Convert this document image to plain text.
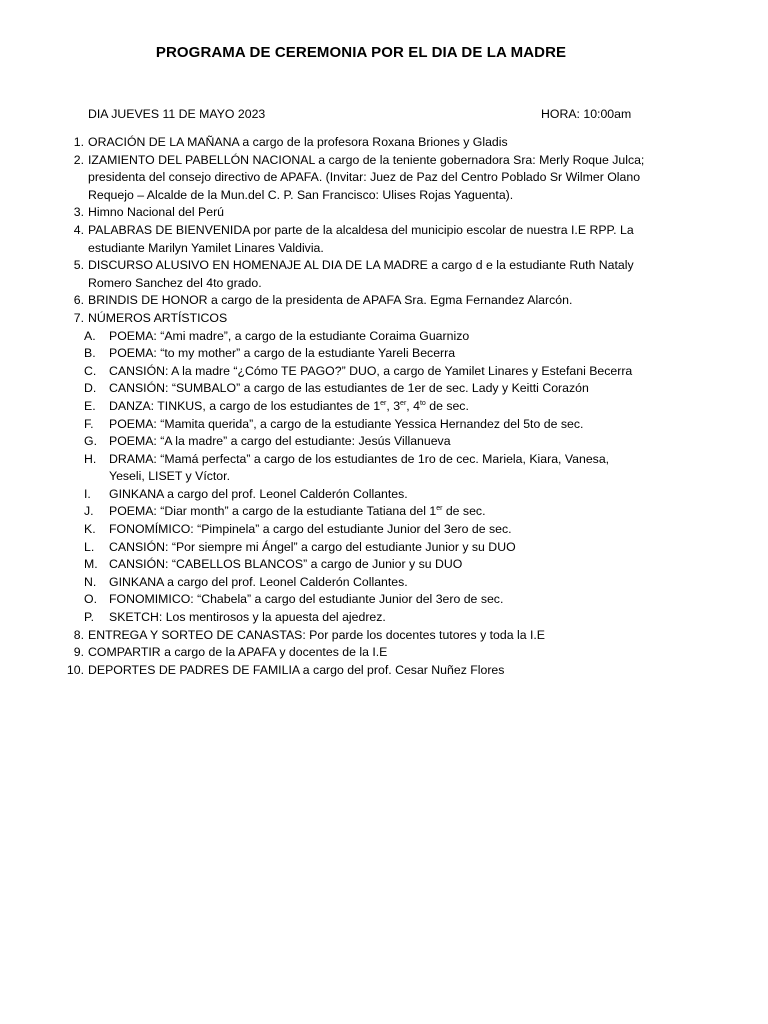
PROGRAMA DE CEREMONIA POR EL DIA DE LA MADRE
DIA JUEVES 11 DE MAYO 2023	HORA: 10:00am
1. ORACIÓN DE LA MAÑANA a cargo de la profesora Roxana Briones y Gladis
2. IZAMIENTO DEL PABELLÓN NACIONAL a cargo de la teniente gobernadora Sra: Merly Roque Julca; presidenta del consejo directivo de APAFA. (Invitar: Juez de Paz del Centro Poblado Sr Wilmer Olano Requejo – Alcalde de la Mun.del C. P. San Francisco: Ulises Rojas Yaguenta).
3. Himno Nacional del Perú
4. PALABRAS DE BIENVENIDA por parte de la alcaldesa del municipio escolar de nuestra I.E RPP. La estudiante Marilyn Yamilet Linares Valdivia.
5. DISCURSO ALUSIVO EN HOMENAJE AL DIA DE LA MADRE a cargo d e la estudiante Ruth Nataly Romero Sanchez del 4to grado.
6. BRINDIS DE HONOR a cargo de la presidenta de APAFA Sra. Egma Fernandez Alarcón.
7. NÚMEROS ARTÍSTICOS
A.	POEMA: “Ami madre”, a cargo de la estudiante Coraima Guarnizo
B.	POEMA: “to my mother” a cargo de la estudiante Yareli Becerra
C.	CANSIÓN: A la madre “¿Cómo TE PAGO?” DUO, a cargo de Yamilet Linares y Estefani Becerra
D.	CANSIÓN: “SUMBALO” a cargo de las estudiantes de 1er de sec. Lady y Keitti Corazón
E.	DANZA: TINKUS, a cargo de los estudiantes de 1er, 3er, $4^{to}$ de sec.
F.	POEMA: “Mamita querida”, a cargo de la estudiante Yessica Hernandez del 5to de sec.
G. POEMA: “A la madre” a cargo del estudiante: Jesús Villanueva
H.	DRAMA: “Mamá perfecta” a cargo de los estudiantes de 1ro de cec. Mariela, Kiara, Vanesa, Yeseli, LISET y Víctor.
I.	GINKANA a cargo del prof. Leonel Calderón Collantes.
J.	POEMA: “Diar month” a cargo de la estudiante Tatiana del 1er de sec.
K.	FONOMÍMICO: “Pimpinela” a cargo del estudiante Junior del 3ero de sec.
L.	CANSIÓN: “Por siempre mi Ángel” a cargo del estudiante Junior y su DUO
M. CANSIÓN: “CABELLOS BLANCOS” a cargo de Junior y su DUO
N.	GINKANA a cargo del prof. Leonel Calderón Collantes.
O. FONOMIMICO: “Chabela” a cargo del estudiante Junior del 3ero de sec.
P.	SKETCH: Los mentirosos y la apuesta del ajedrez.
8. ENTREGA Y SORTEO DE CANASTAS: Por parde los docentes tutores y toda la I.E
9. COMPARTIR a cargo de la APAFA y docentes de la I.E
10. DEPORTES DE PADRES DE FAMILIA a cargo del prof. Cesar Nuñez Flores
